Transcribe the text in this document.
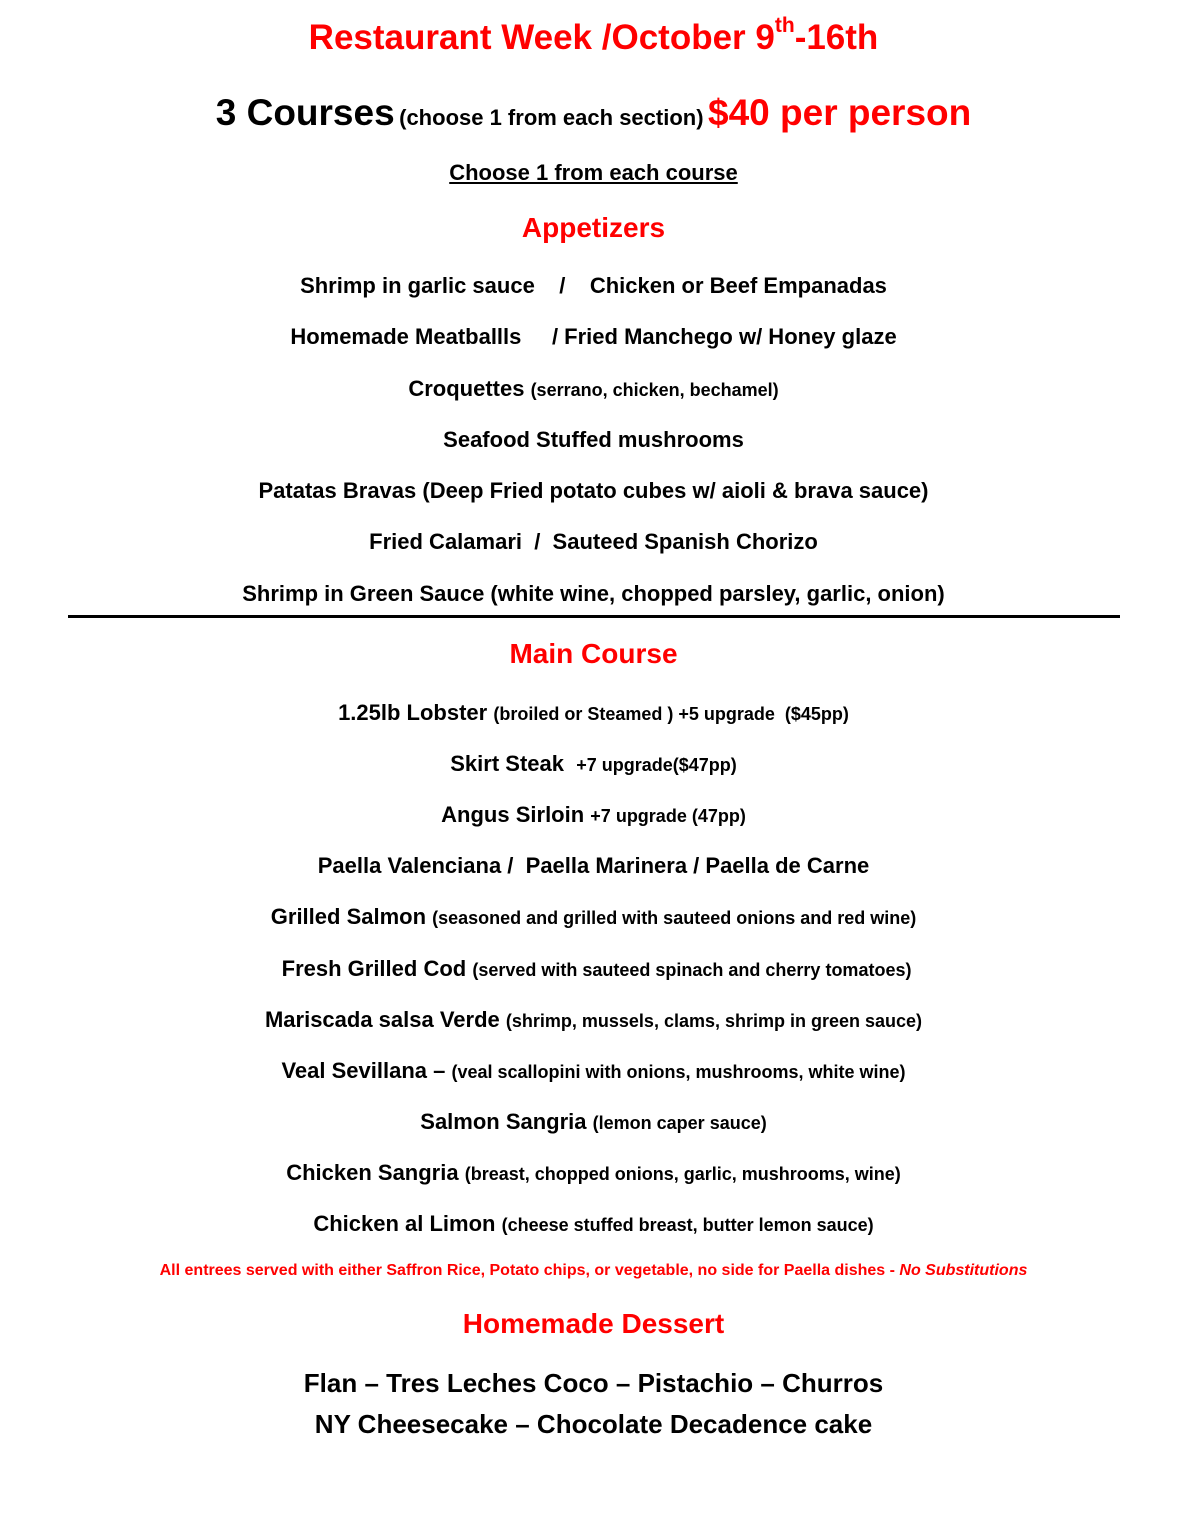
Restaurant Week /October 9th-16th
3 Courses (choose 1 from each section) $40 per person
Choose 1 from each course
Appetizers
Shrimp in garlic sauce    /    Chicken or Beef Empanadas
Homemade Meatballls     / Fried Manchego w/ Honey glaze
Croquettes (serrano, chicken, bechamel)
Seafood Stuffed mushrooms
Patatas Bravas (Deep Fried potato cubes w/ aioli & brava sauce)
Fried Calamari  /  Sauteed Spanish Chorizo
Shrimp in Green Sauce (white wine, chopped parsley, garlic, onion)
Main Course
1.25lb Lobster (broiled or Steamed ) +5 upgrade  ($45pp)
Skirt Steak  +7 upgrade($47pp)
Angus Sirloin +7 upgrade (47pp)
Paella Valenciana /  Paella Marinera / Paella de Carne
Grilled Salmon (seasoned and grilled with sauteed onions and red wine)
Fresh Grilled Cod (served with sauteed spinach and cherry tomatoes)
Mariscada salsa Verde (shrimp, mussels, clams, shrimp in green sauce)
Veal Sevillana – (veal scallopini with onions, mushrooms, white wine)
Salmon Sangria (lemon caper sauce)
Chicken Sangria (breast, chopped onions, garlic, mushrooms, wine)
Chicken al Limon (cheese stuffed breast, butter lemon sauce)
All entrees served with either Saffron Rice, Potato chips, or vegetable, no side for Paella dishes - No Substitutions
Homemade Dessert
Flan – Tres Leches Coco – Pistachio – Churros
NY Cheesecake – Chocolate Decadence cake
